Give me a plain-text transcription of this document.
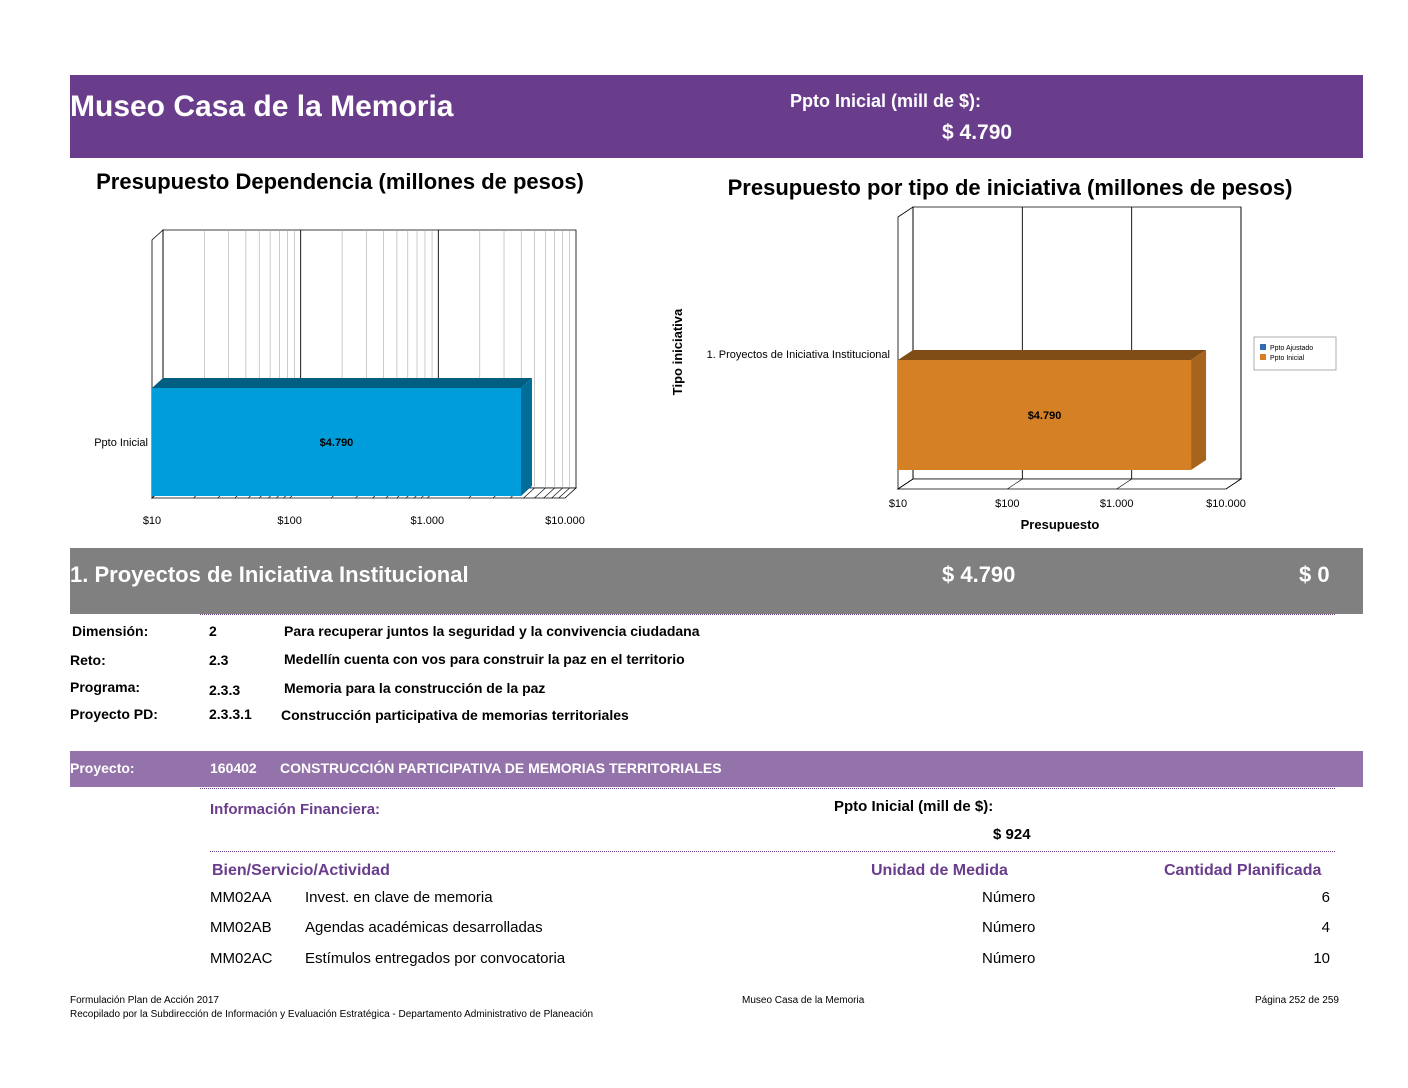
Museo Casa de la Memoria	Ppto Inicial (mill de $):
$ 4.790
Presupuesto Dependencia (millones de pesos)
$4.790
Ppto Inicial
$10	$100	$1.000	$10.000
Presupuesto por tipo de iniciativa (millones de pesos)
$4.790
1. Proyectos de Iniciativa Institucional
$10	$100	$1.000	$10.000
Presupuesto
Tipo iniciativa	Ppto Ajustado
Ppto Inicial
1. Proyectos de Iniciativa Institucional	$ 4.790	$ 0
Dimensión:	2	Para recuperar juntos la seguridad y la convivencia ciudadana
Reto:	2.3	Medellín cuenta con vos para construir la paz en el territorio
Programa:	2.3.3	Memoria para la construcción de la paz
Proyecto PD:	2.3.3.1 Construcción participativa de memorias territoriales
Proyecto:	160402 CONSTRUCCIÓN PARTICIPATIVA DE MEMORIAS TERRITORIALES
Información Financiera:	Ppto Inicial (mill de $):
$ 924
Bien/Servicio/Actividad	Unidad de Medida	Cantidad Planificada
MM02AA Invest. en clave de memoria	Número	6
MM02AB Agendas académicas desarrolladas	Número	4
MM02AC Estímulos entregados por convocatoria	Número	10
Formulación Plan de Acción 2017
Recopilado por la Subdirección de Información y Evaluación Estratégica - Departamento Administrativo de Planeación
Museo Casa de la Memoria	Página 252 de 259
